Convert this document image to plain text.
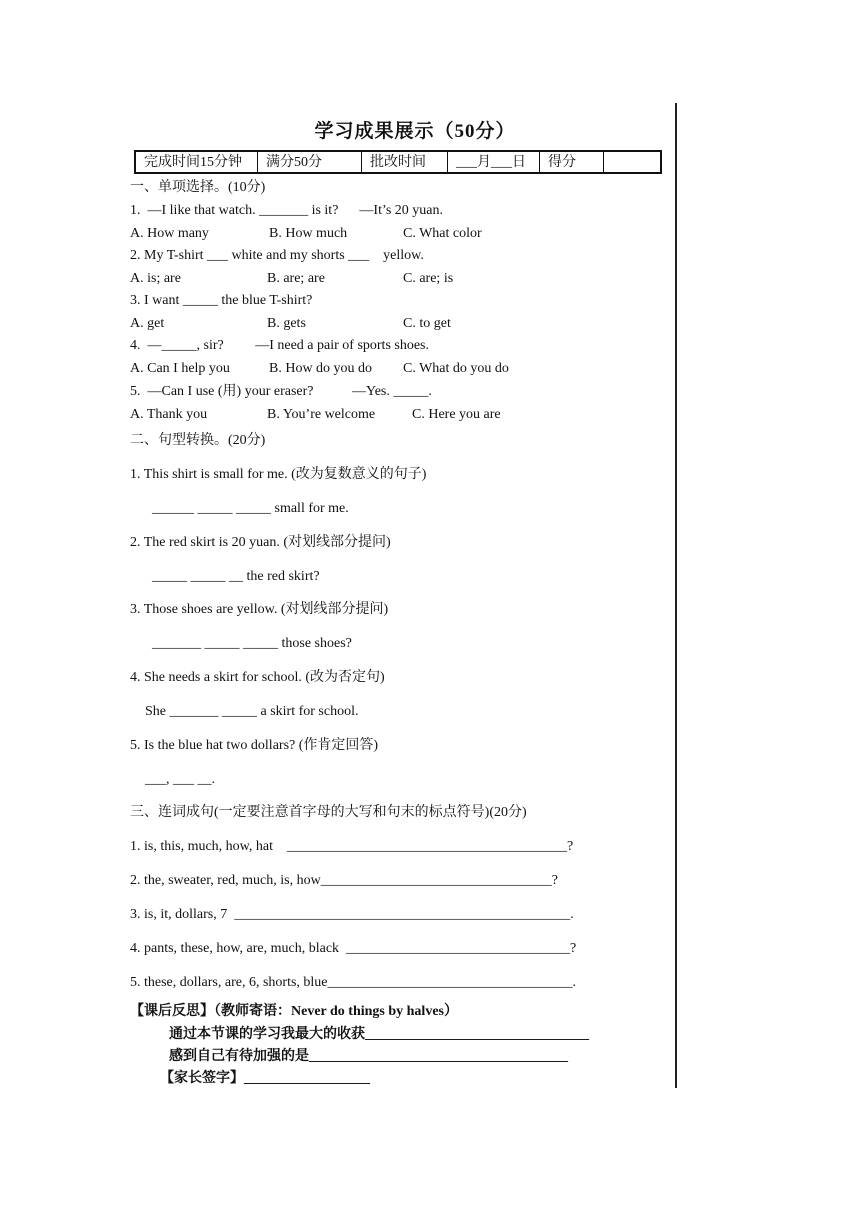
学习成果展示（50分）
完成时间15分钟	满分50分	批改时间	___月___日	得分
一、单项选择。(10分)
1.  —I like that watch. _______ is it?      —It’s 20 yuan.
A. How many	B. How much	C. What color
2. My T-shirt ___ white and my shorts ___    yellow.
A. is; are	B. are; are	C. are; is
3. I want _____ the blue T-shirt?
A. get	B. gets	C. to get
4.  —_____, sir?         —I need a pair of sports shoes.
A. Can I help you	B. How do you do C. What do you do
5.  —Can I use (用) your eraser?           —Yes. _____.
A. Thank you	B. You’re welcome	C. Here you are
二、句型转换。(20分)
1. This shirt is small for me. (改为复数意义的句子)
______ _____ _____ small for me.
2. The red skirt is 20 yuan. (对划线部分提问)
_____ _____ __ the red skirt?
3. Those shoes are yellow. (对划线部分提问)
_______ _____ _____ those shoes?
4. She needs a skirt for school. (改为否定句)
She _______ _____ a skirt for school.
5. Is the blue hat two dollars? (作肯定回答)
___, ___ __.
三、连词成句(一定要注意首字母的大写和句末的标点符号)(20分)
1. is, this, much, how, hat    ________________________________________?
2. the, sweater, red, much, is, how_________________________________?
3. is, it, dollars, 7  ________________________________________________.
4. pants, these, how, are, much, black  ________________________________?
5. these, dollars, are, 6, shorts, blue___________________________________.
【课后反思】（教师寄语：Never do things by halves）
通过本节课的学习我最大的收获________________________________
感到自己有待加强的是_____________________________________
【家长签字】__________________
